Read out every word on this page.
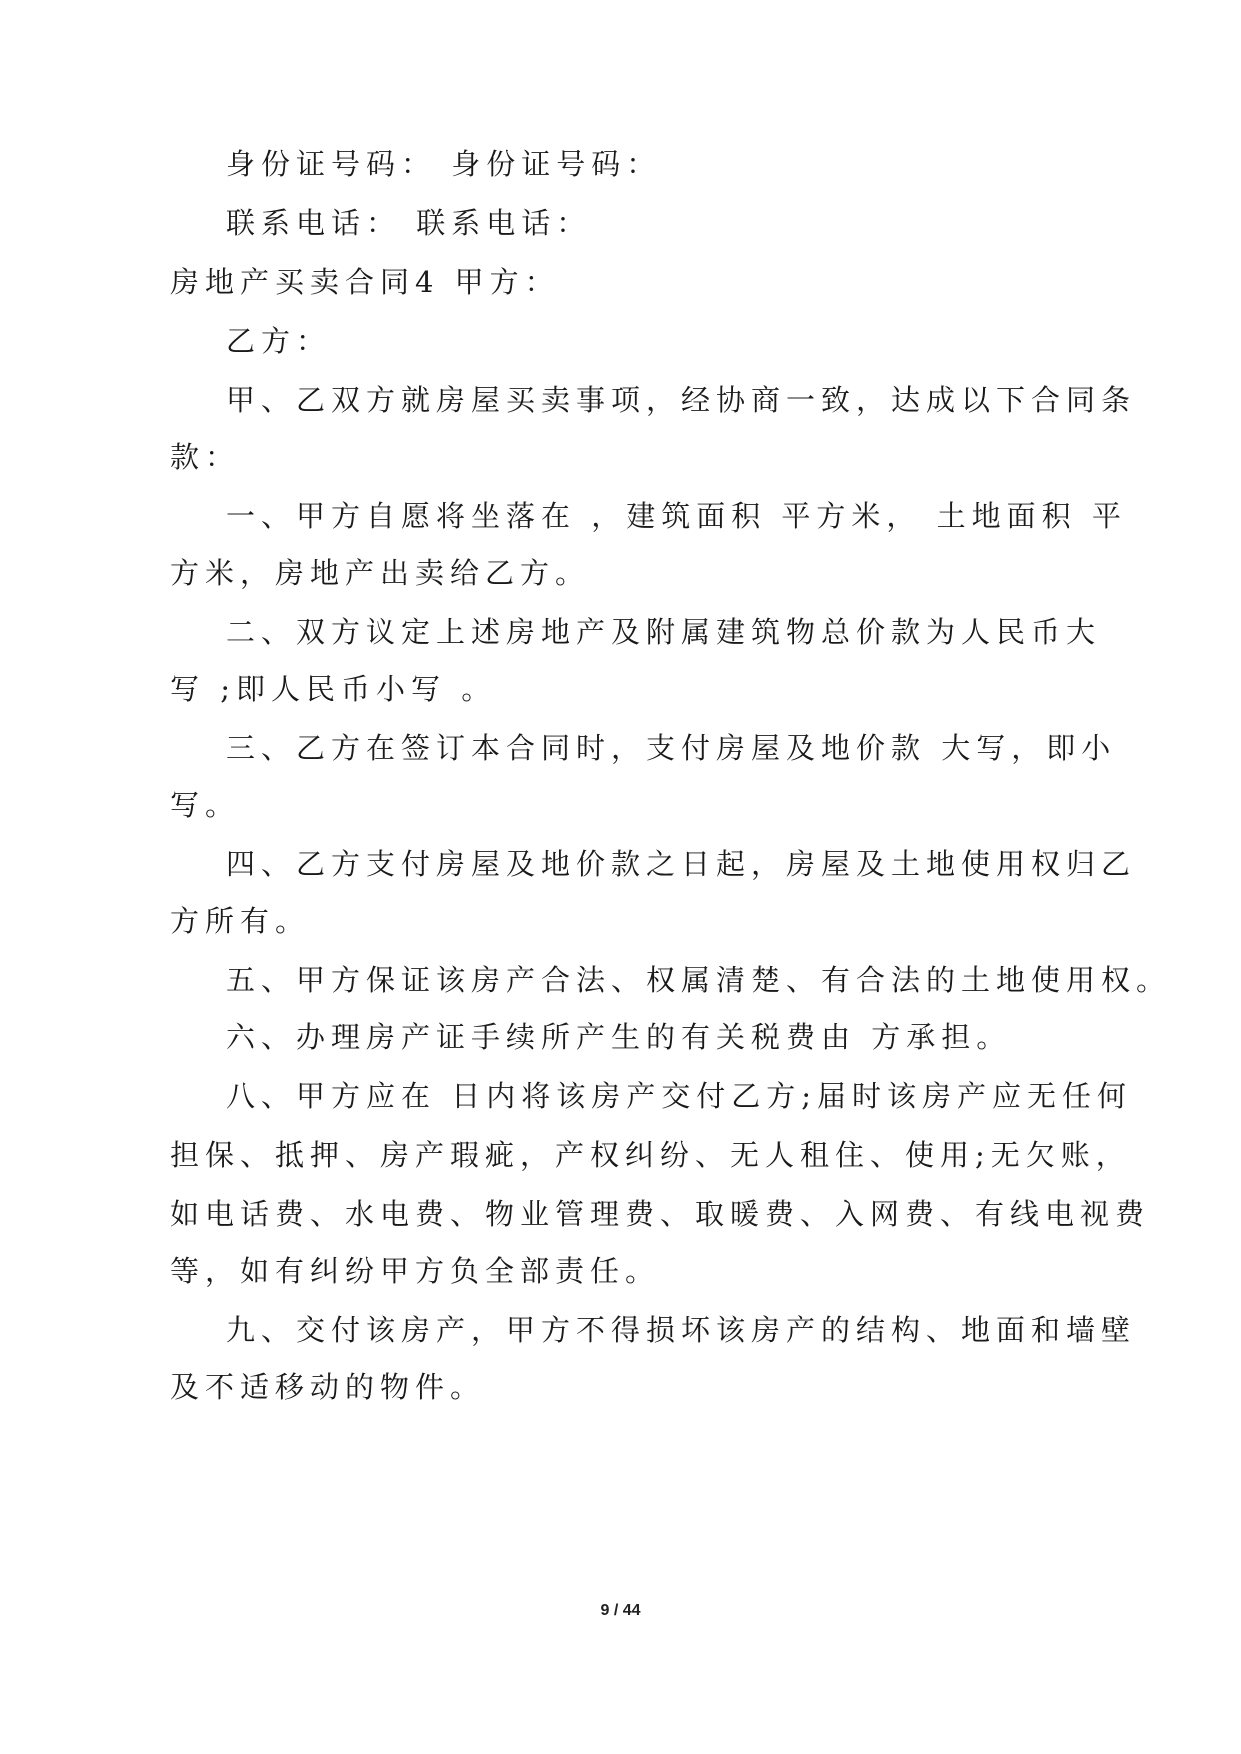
身份证号码： 身份证号码：
联系电话： 联系电话：
房地产买卖合同4 甲方：
乙方：
甲、乙双方就房屋买卖事项，经协商一致，达成以下合同条
款：
一、甲方自愿将坐落在 ，建筑面积 平方米， 土地面积 平
方米，房地产出卖给乙方。
二、双方议定上述房地产及附属建筑物总价款为人民币大
写 ;即人民币小写 。
三、乙方在签订本合同时，支付房屋及地价款 大写，即小
写。
四、乙方支付房屋及地价款之日起，房屋及土地使用权归乙
方所有。
五、甲方保证该房产合法、权属清楚、有合法的土地使用权。
六、办理房产证手续所产生的有关税费由 方承担。
八、甲方应在 日内将该房产交付乙方;届时该房产应无任何
担保、抵押、房产瑕疵，产权纠纷、无人租住、使用;无欠账，
如电话费、水电费、物业管理费、取暖费、入网费、有线电视费
等，如有纠纷甲方负全部责任。
九、交付该房产，甲方不得损坏该房产的结构、地面和墙壁
及不适移动的物件。
9 / 44
